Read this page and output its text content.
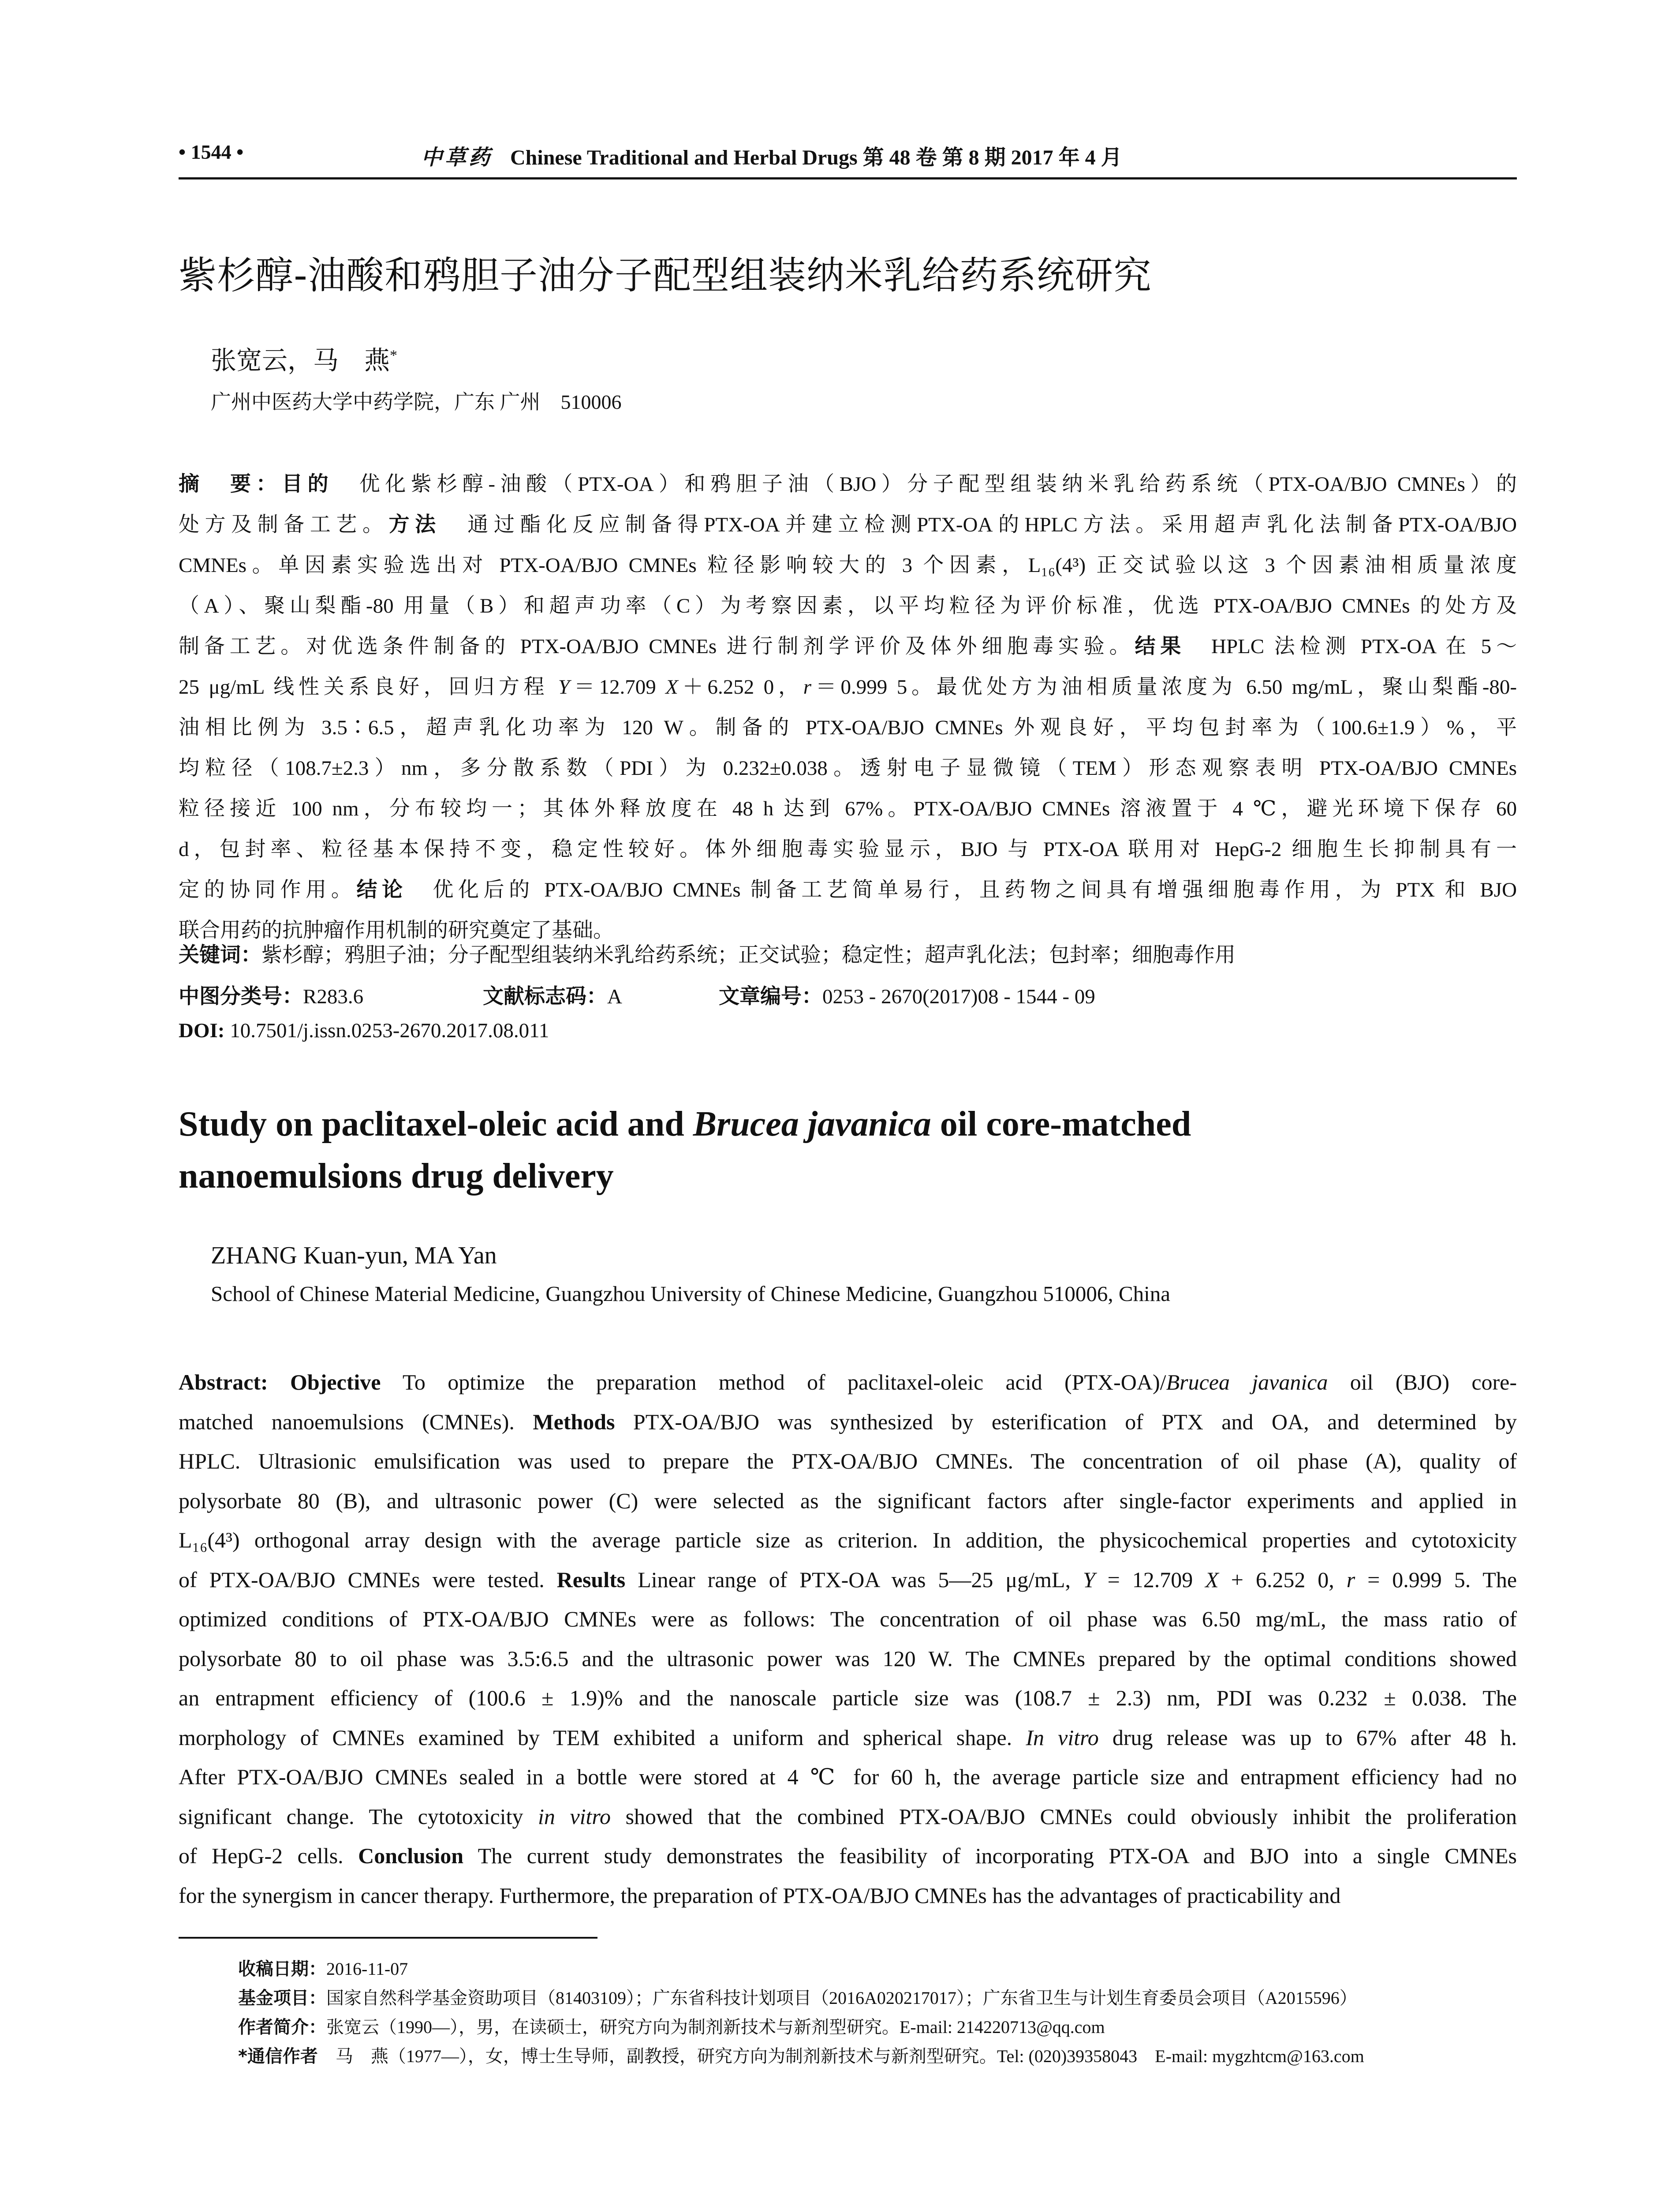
• 1544 •	中草药 Chinese Traditional and Herbal Drugs 第 48 卷 第 8 期 2017 年 4 月
紫杉醇-油酸和鸦胆子油分子配型组装纳米乳给药系统研究
张宽云，马　燕*
广州中医药大学中药学院，广东 广州　510006
摘　要：目的　优化紫杉醇-油酸（PTX-OA）和鸦胆子油（BJO）分子配型组装纳米乳给药系统（PTX-OA/BJO CMNEs）的
处方及制备工艺。方法　通过酯化反应制备得PTX-OA并建立检测PTX-OA的HPLC方法。采用超声乳化法制备PTX-OA/BJO
CMNEs。单因素实验选出对 PTX-OA/BJO CMNEs 粒径影响较大的 3 个因素，L₁₆(4³) 正交试验以这 3 个因素油相质量浓度
（A）、聚山梨酯-80 用量（B）和超声功率（C）为考察因素，以平均粒径为评价标准，优选 PTX-OA/BJO CMNEs 的处方及
制备工艺。对优选条件制备的 PTX-OA/BJO CMNEs 进行制剂学评价及体外细胞毒实验。结果　HPLC 法检测 PTX-OA 在 5～
25 μg/mL 线性关系良好，回归方程 Y＝12.709 X＋6.252 0，r＝0.999 5。最优处方为油相质量浓度为 6.50 mg/mL，聚山梨酯-80-
油相比例为 3.5∶6.5，超声乳化功率为 120 W。制备的 PTX-OA/BJO CMNEs 外观良好，平均包封率为（100.6±1.9）%，平
均粒径（108.7±2.3）nm，多分散系数（PDI）为 0.232±0.038。透射电子显微镜（TEM）形态观察表明 PTX-OA/BJO CMNEs
粒径接近 100 nm，分布较均一；其体外释放度在 48 h 达到 67%。PTX-OA/BJO CMNEs 溶液置于 4 ℃，避光环境下保存 60
d，包封率、粒径基本保持不变，稳定性较好。体外细胞毒实验显示，BJO 与 PTX-OA 联用对 HepG-2 细胞生长抑制具有一
定的协同作用。结论　优化后的 PTX-OA/BJO CMNEs 制备工艺简单易行，且药物之间具有增强细胞毒作用，为 PTX 和 BJO
联合用药的抗肿瘤作用机制的研究奠定了基础。
关键词：紫杉醇；鸦胆子油；分子配型组装纳米乳给药系统；正交试验；稳定性；超声乳化法；包封率；细胞毒作用
中图分类号：R283.6	文献标志码：A	文章编号：0253 - 2670(2017)08 - 1544 - 09
DOI: 10.7501/j.issn.0253-2670.2017.08.011
Study on paclitaxel-oleic acid and Brucea javanica oil core-matched
nanoemulsions drug delivery
ZHANG Kuan-yun, MA Yan
School of Chinese Material Medicine, Guangzhou University of Chinese Medicine, Guangzhou 510006, China
Abstract: Objective To optimize the preparation method of paclitaxel-oleic acid (PTX-OA)/Brucea javanica oil (BJO) core-
matched nanoemulsions (CMNEs). Methods PTX-OA/BJO was synthesized by esterification of PTX and OA, and determined by
HPLC. Ultrasionic emulsification was used to prepare the PTX-OA/BJO CMNEs. The concentration of oil phase (A), quality of
polysorbate 80 (B), and ultrasonic power (C) were selected as the significant factors after single-factor experiments and applied in
L₁₆(4³) orthogonal array design with the average particle size as criterion. In addition, the physicochemical properties and cytotoxicity
of PTX-OA/BJO CMNEs were tested. Results Linear range of PTX-OA was 5—25 μg/mL, Y = 12.709 X + 6.252 0, r = 0.999 5. The
optimized conditions of PTX-OA/BJO CMNEs were as follows: The concentration of oil phase was 6.50 mg/mL, the mass ratio of
polysorbate 80 to oil phase was 3.5:6.5 and the ultrasonic power was 120 W. The CMNEs prepared by the optimal conditions showed
an entrapment efficiency of (100.6 ± 1.9)% and the nanoscale particle size was (108.7 ± 2.3) nm, PDI was 0.232 ± 0.038. The
morphology of CMNEs examined by TEM exhibited a uniform and spherical shape. In vitro drug release was up to 67% after 48 h.
After PTX-OA/BJO CMNEs sealed in a bottle were stored at 4 ℃ for 60 h, the average particle size and entrapment efficiency had no
significant change. The cytotoxicity in vitro showed that the combined PTX-OA/BJO CMNEs could obviously inhibit the proliferation
of HepG-2 cells. Conclusion The current study demonstrates the feasibility of incorporating PTX-OA and BJO into a single CMNEs
for the synergism in cancer therapy. Furthermore, the preparation of PTX-OA/BJO CMNEs has the advantages of practicability and
收稿日期：2016-11-07
基金项目：国家自然科学基金资助项目（81403109）；广东省科技计划项目（2016A020217017）；广东省卫生与计划生育委员会项目（A2015596）
作者简介：张宽云（1990—），男，在读硕士，研究方向为制剂新技术与新剂型研究。E-mail: 214220713@qq.com
*通信作者　马　燕（1977—），女，博士生导师，副教授，研究方向为制剂新技术与新剂型研究。Tel: (020)39358043　E-mail: mygzhtcm@163.com
